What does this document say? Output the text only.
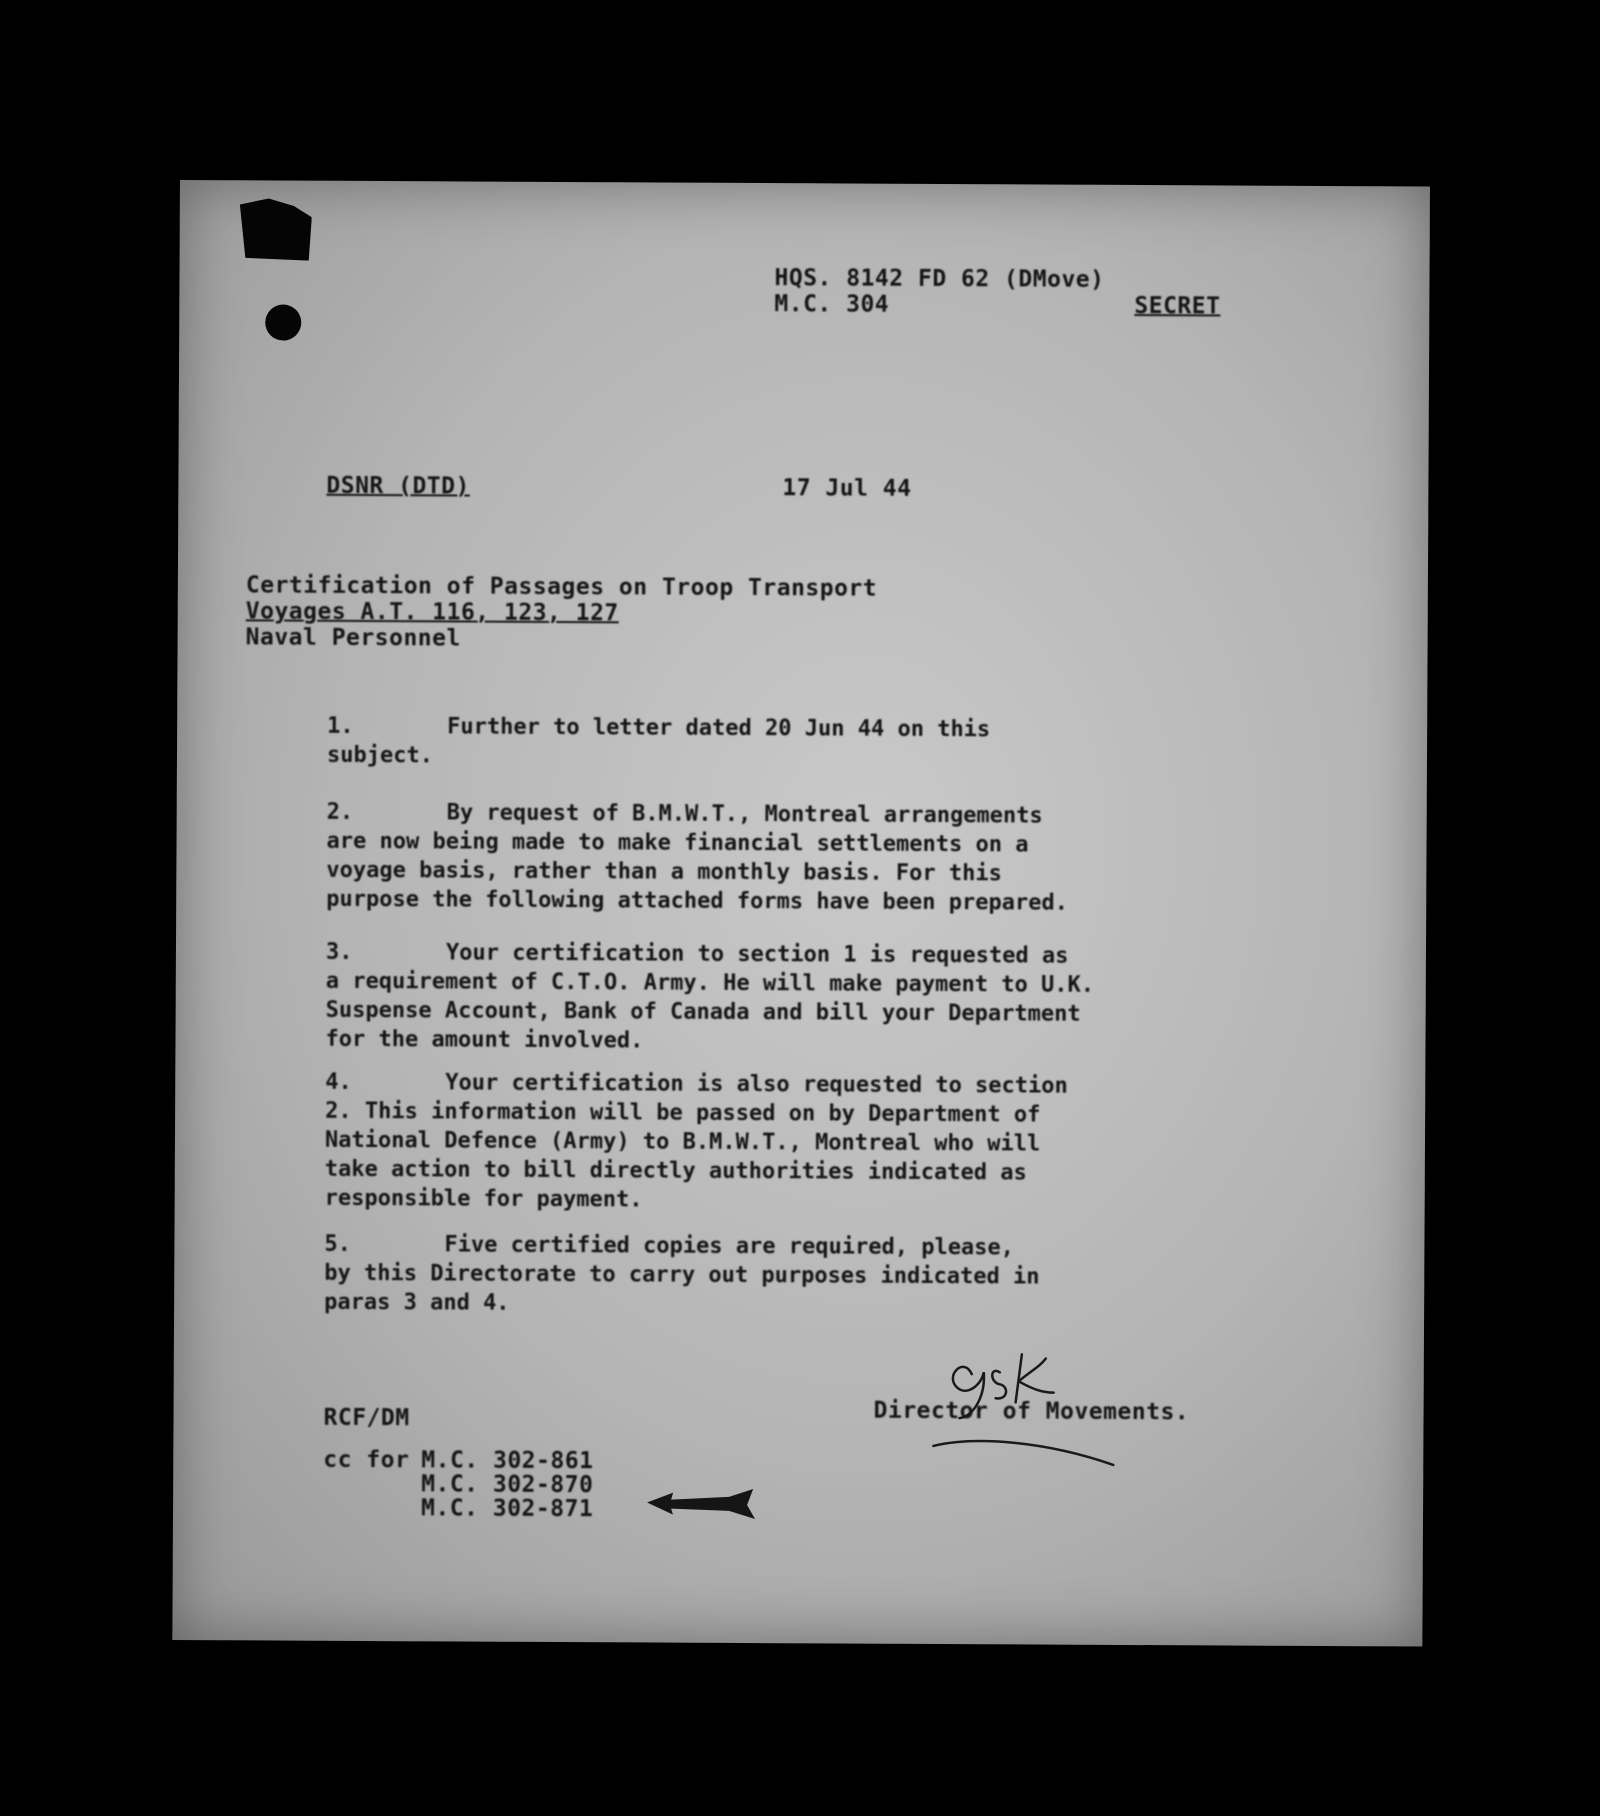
HQS. 8142 FD 62 (DMove)
M.C. 304	SECRET
DSNR (DTD)	17 Jul 44
Certification of Passages on Troop Transport
Voyages A.T. 116, 123, 127
Naval Personnel

1.	Further to letter dated 20 Jun 44 on this
subject.

2.	By request of B.M.W.T., Montreal arrangements
are now being made to make financial settlements on a
voyage basis, rather than a monthly basis. For this
purpose the following attached forms have been prepared.

3.	Your certification to section 1 is requested as
a requirement of C.T.O. Army. He will make payment to U.K.
Suspense Account, Bank of Canada and bill your Department
for the amount involved.

4.	Your certification is also requested to section
2. This information will be passed on by Department of
National Defence (Army) to B.M.W.T., Montreal who will
take action to bill directly authorities indicated as
responsible for payment.

5.	Five certified copies are required, please,
by this Directorate to carry out purposes indicated in
paras 3 and 4.

Director of Movements.
RCF/DM
cc for M.C. 302-861
M.C. 302-870
M.C. 302-871
